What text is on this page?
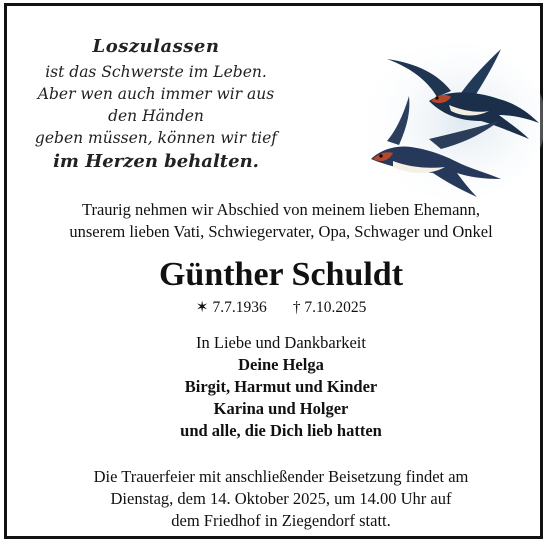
Loszulassen
ist das Schwerste im Leben.
Aber wen auch immer wir aus den Händen
geben müssen, können wir tief
im Herzen behalten.
Traurig nehmen wir Abschied von meinem lieben Ehemann,
unserem lieben Vati, Schwiegervater, Opa, Schwager und Onkel
Günther Schuldt
✶ 7.7.1936 † 7.10.2025
In Liebe und Dankbarkeit
Deine Helga
Birgit, Harmut und Kinder
Karina und Holger
und alle, die Dich lieb hatten
Die Trauerfeier mit anschließender Beisetzung findet am
Dienstag, dem 14. Oktober 2025, um 14.00 Uhr auf
dem Friedhof in Ziegendorf statt.
